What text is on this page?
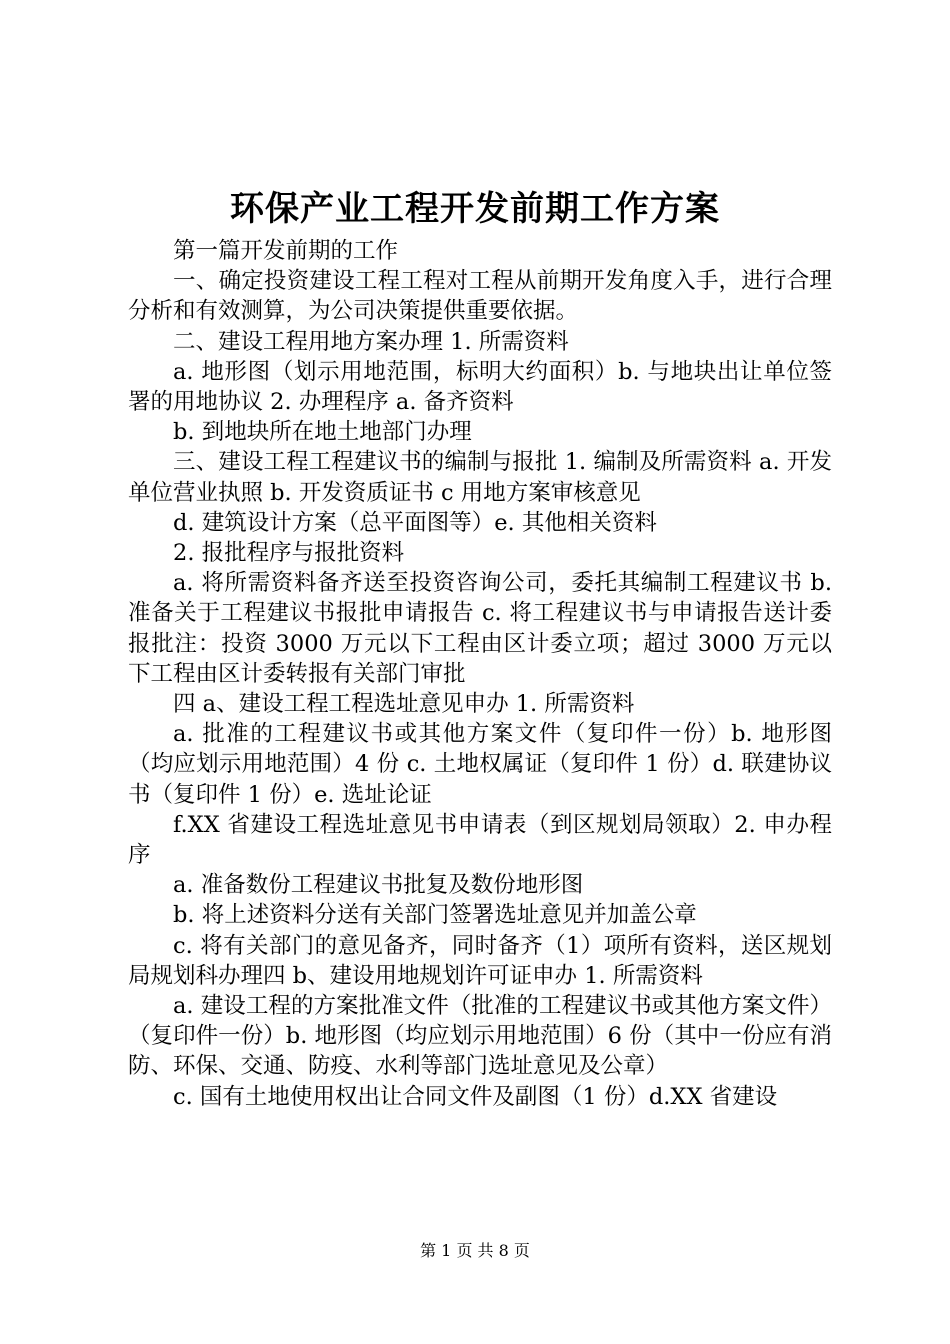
环保产业工程开发前期工作方案

第一篇开发前期的工作

一、确定投资建设工程工程对工程从前期开发角度入手，进行合理分析和有效测算，为公司决策提供重要依据。

二、建设工程用地方案办理 1. 所需资料

a. 地形图（划示用地范围，标明大约面积）b. 与地块出让单位签署的用地协议 2. 办理程序 a. 备齐资料

b. 到地块所在地土地部门办理

三、建设工程工程建议书的编制与报批 1. 编制及所需资料 a. 开发单位营业执照 b. 开发资质证书 c 用地方案审核意见

d. 建筑设计方案（总平面图等）e. 其他相关资料

2. 报批程序与报批资料

a. 将所需资料备齐送至投资咨询公司，委托其编制工程建议书 b. 准备关于工程建议书报批申请报告 c. 将工程建议书与申请报告送计委报批注：投资 3000 万元以下工程由区计委立项；超过 3000 万元以下工程由区计委转报有关部门审批

四 a、建设工程工程选址意见申办 1. 所需资料

a. 批准的工程建议书或其他方案文件（复印件一份）b. 地形图（均应划示用地范围）4 份 c. 土地权属证（复印件 1 份）d. 联建协议书（复印件 1 份）e. 选址论证

f.XX 省建设工程选址意见书申请表（到区规划局领取）2. 申办程序

a. 准备数份工程建议书批复及数份地形图

b. 将上述资料分送有关部门签署选址意见并加盖公章

c. 将有关部门的意见备齐，同时备齐（1）项所有资料，送区规划局规划科办理四 b、建设用地规划许可证申办 1. 所需资料

a. 建设工程的方案批准文件（批准的工程建议书或其他方案文件）（复印件一份）b. 地形图（均应划示用地范围）6 份（其中一份应有消防、环保、交通、防疫、水利等部门选址意见及公章）

c. 国有土地使用权出让合同文件及副图（1 份）d.XX 省建设

第 1 页 共 8 页
